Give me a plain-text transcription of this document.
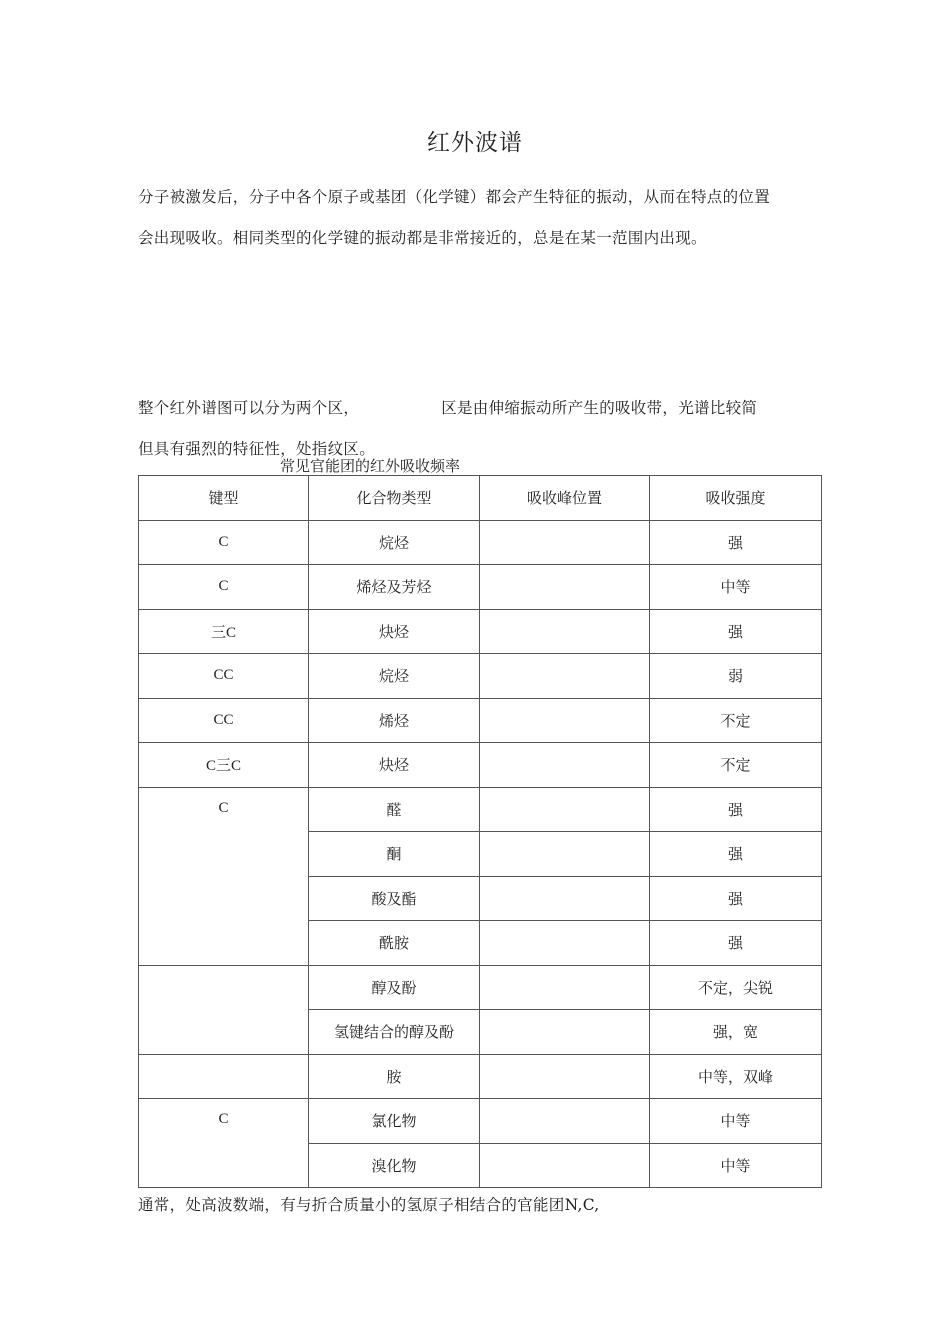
红外波谱

分子被激发后，分子中各个原子或基团（化学键）都会产生特征的振动，从而在特点的位置

会出现吸收。相同类型的化学键的振动都是非常接近的，总是在某一范围内出现。

整个红外谱图可以分为两个区，	区是由伸缩振动所产生的吸收带，光谱比较简

但具有强烈的特征性，处指纹区。

常见官能团的红外吸收频率
键型	化合物类型	吸收峰位置	吸收强度
C	烷烃		强
C	烯烃及芳烃		中等
三C	炔烃		强
CC	烷烃		弱
CC	烯烃		不定
C三C	炔烃		不定
C	醛		强
	酮		强
	酸及酯		强
	酰胺		强
	醇及酚		不定，尖锐
	氢键结合的醇及酚		强，宽
	胺		中等，双峰
C	氯化物		中等
	溴化物		中等
通常，处高波数端，有与折合质量小的氢原子相结合的官能团N,C,
